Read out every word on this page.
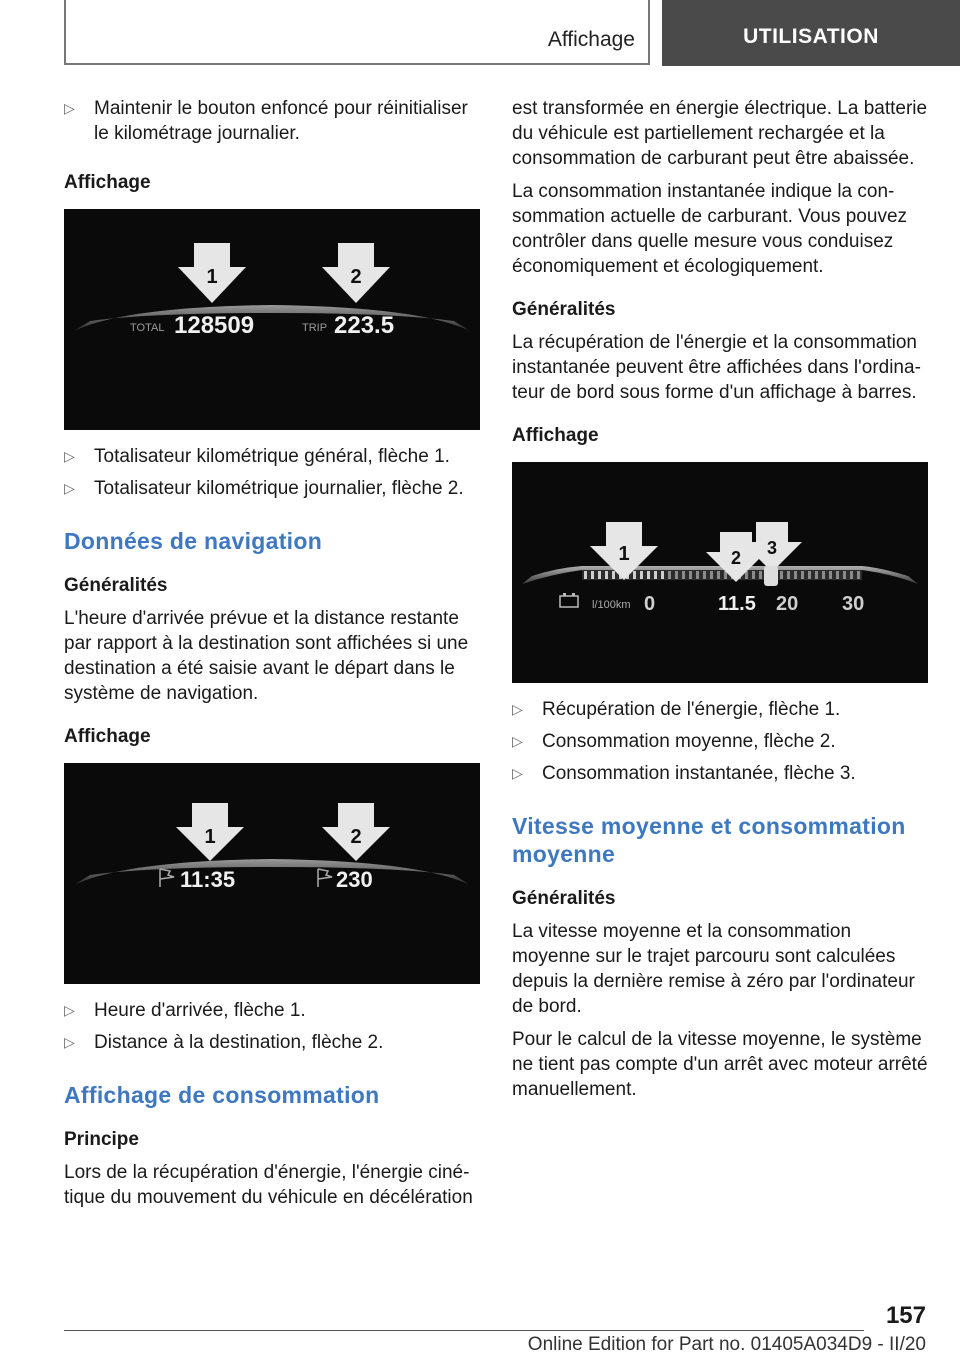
Affichage	UTILISATION
▷	Maintenir le bouton enfoncé pour réinitialiser le kilométrage journalier.
Affichage
1	2
TOTAL 128509	TRIP 223.5
▷	Totalisateur kilométrique général, flèche 1.
▷	Totalisateur kilométrique journalier, flèche 2.
Données de navigation
Généralités

L'heure d'arrivée prévue et la distance restante par rapport à la destination sont affichées si une destination a été saisie avant le départ dans le système de navigation.

Affichage
1	2
11:35	230
▷	Heure d'arrivée, flèche 1.
▷	Distance à la destination, flèche 2.
Affichage de consommation
Principe

Lors de la récupération d'énergie, l'énergie cinétique du mouvement du véhicule en décélération

est transformée en énergie électrique. La batterie du véhicule est partiellement rechargée et la consommation de carburant peut être abaissée.

La consommation instantanée indique la consommation actuelle de carburant. Vous pouvez contrôler dans quelle mesure vous conduisez économiquement et écologiquement.

Généralités

La récupération de l'énergie et la consommation instantanée peuvent être affichées dans l'ordinateur de bord sous forme d'un affichage à barres.

Affichage
1	2 3
l/100km 0	11.5 20 30
▷	Récupération de l'énergie, flèche 1.
▷	Consommation moyenne, flèche 2.
▷	Consommation instantanée, flèche 3.
Vitesse moyenne et consommation moyenne
Généralités

La vitesse moyenne et la consommation moyenne sur le trajet parcouru sont calculées depuis la dernière remise à zéro par l'ordinateur de bord.

Pour le calcul de la vitesse moyenne, le système ne tient pas compte d'un arrêt avec moteur arrêté manuellement.

157
Online Edition for Part no. 01405A034D9 - II/20
